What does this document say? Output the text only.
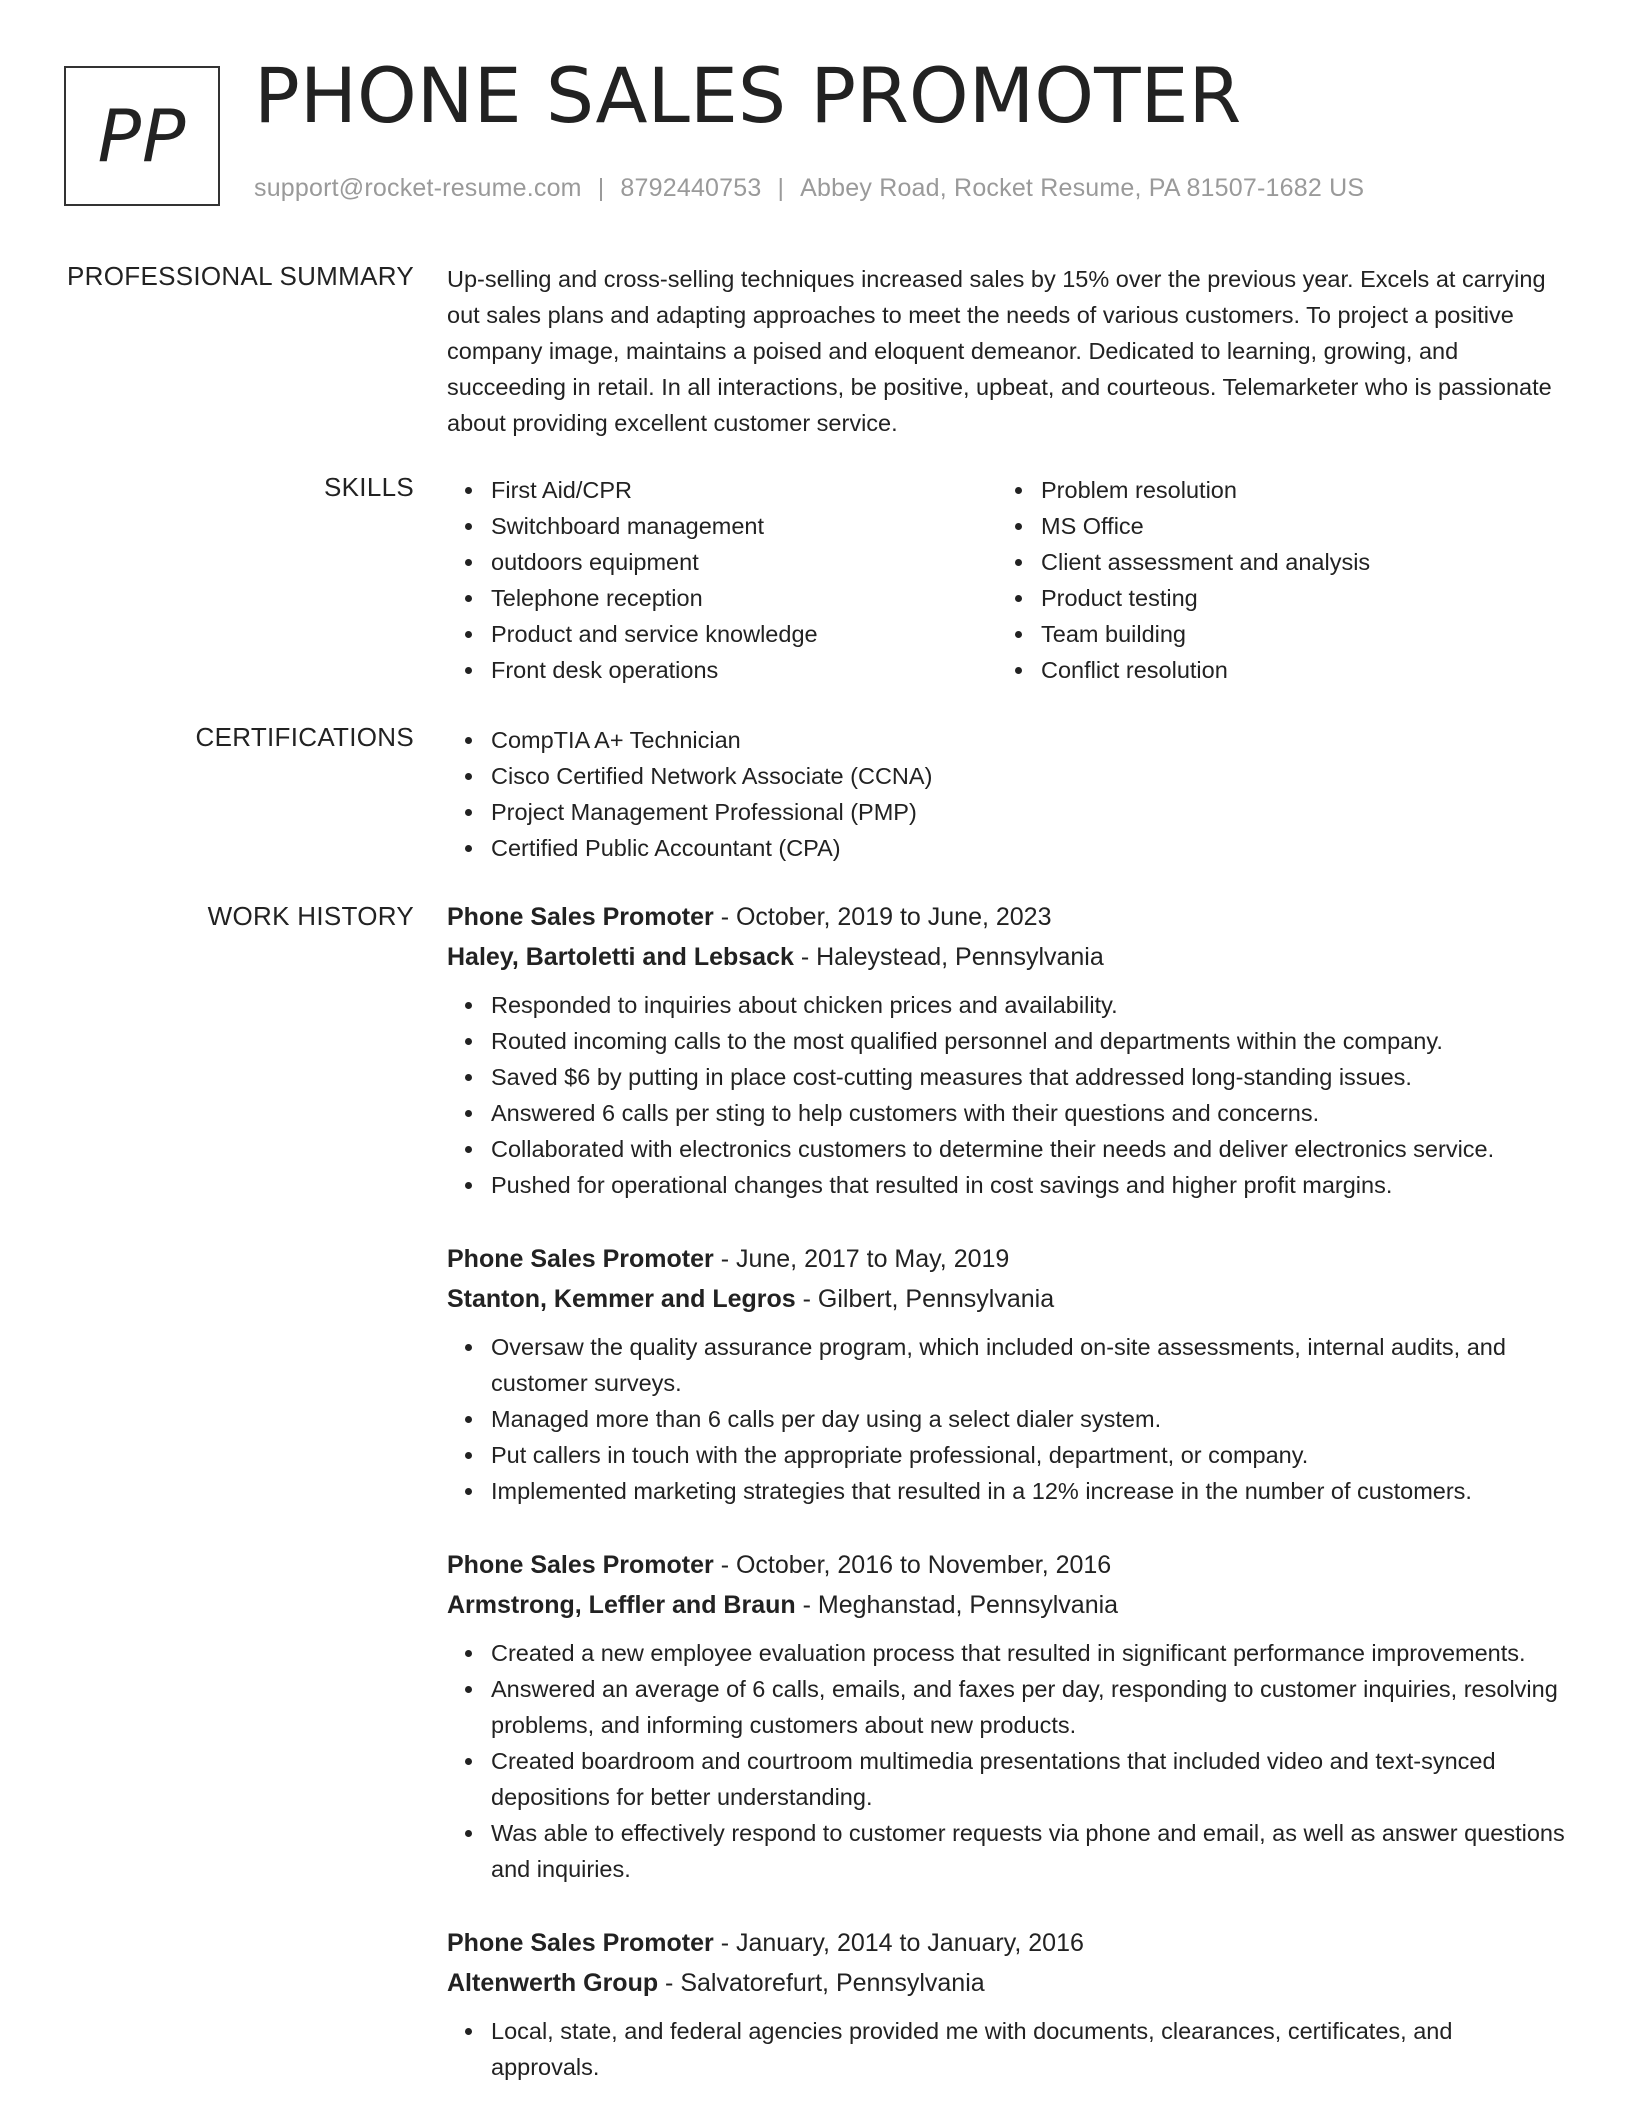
PP PHONE SALES PROMOTER
support@rocket-resume.com | 8792440753 | Abbey Road, Rocket Resume, PA 81507-1682 US
PROFESSIONAL SUMMARY Up-selling and cross-selling techniques increased sales by 15% over the previous year. Excels at carrying out sales plans and adapting approaches to meet the needs of various customers. To project a positive company image, maintains a poised and eloquent demeanor. Dedicated to learning, growing, and succeeding in retail. In all interactions, be positive, upbeat, and courteous. Telemarketer who is passionate about providing excellent customer service.

SKILLS	First Aid/CPR
Switchboard management
outdoors equipment
Telephone reception
Product and service knowledge
Front desk operations
Problem resolution
MS Office
Client assessment and analysis
Product testing
Team building
Conflict resolution
CERTIFICATIONS	CompTIA A+ Technician
Cisco Certified Network Associate (CCNA)
Project Management Professional (PMP)
Certified Public Accountant (CPA)
WORK HISTORY Phone Sales Promoter - October, 2019 to June, 2023
Haley, Bartoletti and Lebsack - Haleystead, Pennsylvania
Responded to inquiries about chicken prices and availability.
Routed incoming calls to the most qualified personnel and departments within the company.
Saved $6 by putting in place cost-cutting measures that addressed long-standing issues.
Answered 6 calls per sting to help customers with their questions and concerns.
Collaborated with electronics customers to determine their needs and deliver electronics service.
Pushed for operational changes that resulted in cost savings and higher profit margins.
Phone Sales Promoter - June, 2017 to May, 2019
Stanton, Kemmer and Legros - Gilbert, Pennsylvania
Oversaw the quality assurance program, which included on-site assessments, internal audits, and customer surveys.
Managed more than 6 calls per day using a select dialer system.
Put callers in touch with the appropriate professional, department, or company.
Implemented marketing strategies that resulted in a 12% increase in the number of customers.
Phone Sales Promoter - October, 2016 to November, 2016
Armstrong, Leffler and Braun - Meghanstad, Pennsylvania
Created a new employee evaluation process that resulted in significant performance improvements.
Answered an average of 6 calls, emails, and faxes per day, responding to customer inquiries, resolving problems, and informing customers about new products.
Created boardroom and courtroom multimedia presentations that included video and text-synced depositions for better understanding.
Was able to effectively respond to customer requests via phone and email, as well as answer questions and inquiries.
Phone Sales Promoter - January, 2014 to January, 2016
Altenwerth Group - Salvatorefurt, Pennsylvania
Local, state, and federal agencies provided me with documents, clearances, certificates, and approvals.
